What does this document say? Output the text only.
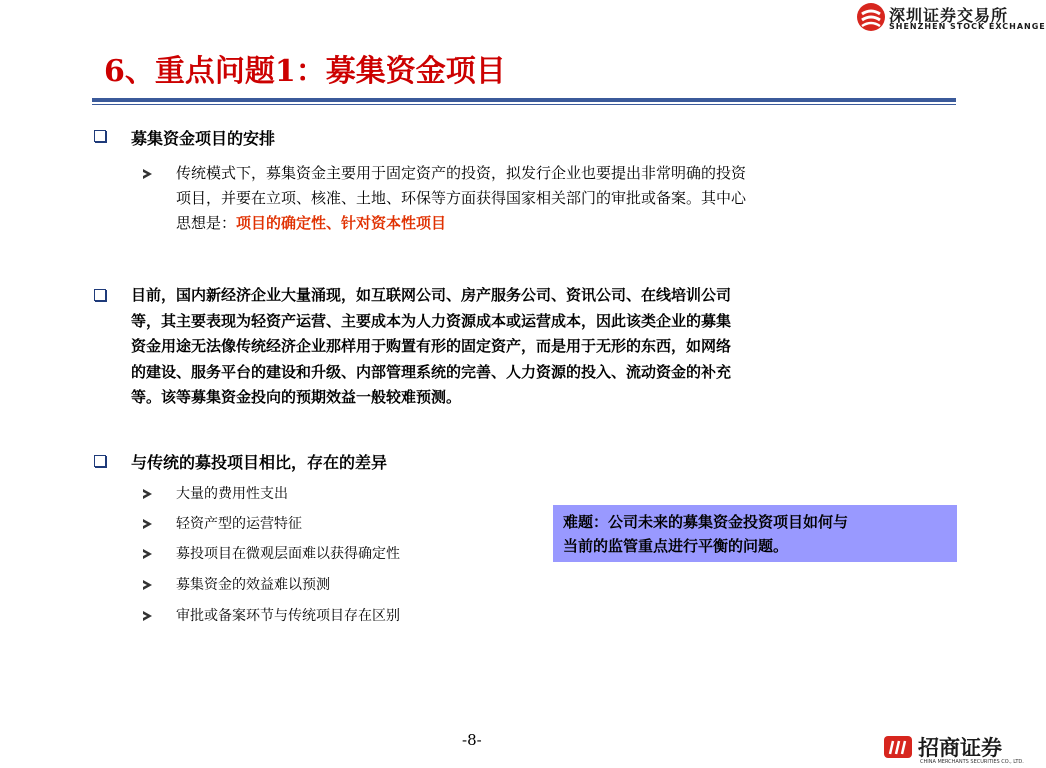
深圳证券交易所
SHENZHEN STOCK EXCHANGE
6、重点问题1：募集资金项目
募集资金项目的安排
传统模式下，募集资金主要用于固定资产的投资，拟发行企业也要提出非常明确的投资
项目，并要在立项、核准、土地、环保等方面获得国家相关部门的审批或备案。其中心
思想是：项目的确定性、针对资本性项目
目前，国内新经济企业大量涌现，如互联网公司、房产服务公司、资讯公司、在线培训公司
等，其主要表现为轻资产运营、主要成本为人力资源成本或运营成本，因此该类企业的募集
资金用途无法像传统经济企业那样用于购置有形的固定资产，而是用于无形的东西，如网络
的建设、服务平台的建设和升级、内部管理系统的完善、人力资源的投入、流动资金的补充
等。该等募集资金投向的预期效益一般较难预测。
与传统的募投项目相比，存在的差异
大量的费用性支出
轻资产型的运营特征
募投项目在微观层面难以获得确定性
募集资金的效益难以预测
审批或备案环节与传统项目存在区别
难题：公司未来的募集资金投资项目如何与
当前的监管重点进行平衡的问题。
-8-	招商证券
CHINA MERCHANTS SECURITIES CO., LTD.
